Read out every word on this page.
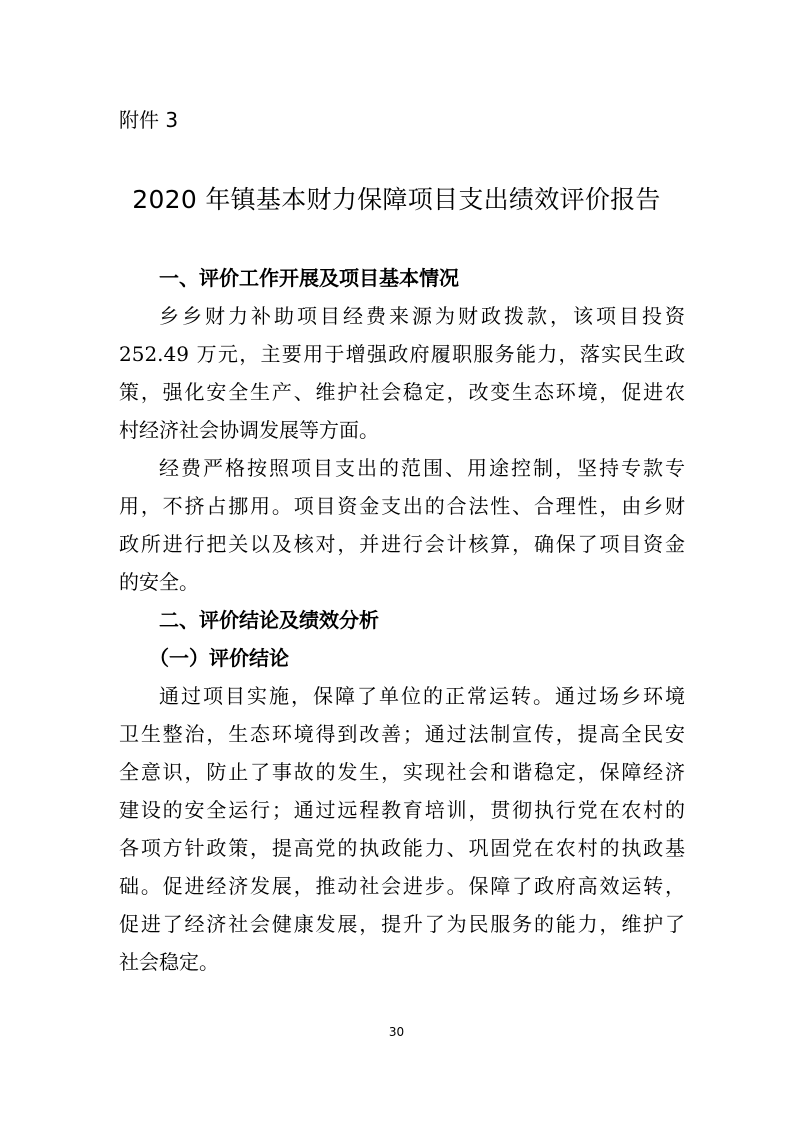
附件 3
2020 年镇基本财力保障项目支出绩效评价报告
一、评价工作开展及项目基本情况
乡乡财力补助项目经费来源为财政拨款，该项目投资
252.49 万元，主要用于增强政府履职服务能力，落实民生政
策，强化安全生产、维护社会稳定，改变生态环境，促进农
村经济社会协调发展等方面。
经费严格按照项目支出的范围、用途控制，坚持专款专
用，不挤占挪用。项目资金支出的合法性、合理性，由乡财
政所进行把关以及核对，并进行会计核算，确保了项目资金
的安全。
二、评价结论及绩效分析
（一）评价结论
通过项目实施，保障了单位的正常运转。通过场乡环境
卫生整治，生态环境得到改善；通过法制宣传，提高全民安
全意识，防止了事故的发生，实现社会和谐稳定，保障经济
建设的安全运行；通过远程教育培训，贯彻执行党在农村的
各项方针政策，提高党的执政能力、巩固党在农村的执政基
础。促进经济发展，推动社会进步。保障了政府高效运转，
促进了经济社会健康发展，提升了为民服务的能力，维护了
社会稳定。
30
